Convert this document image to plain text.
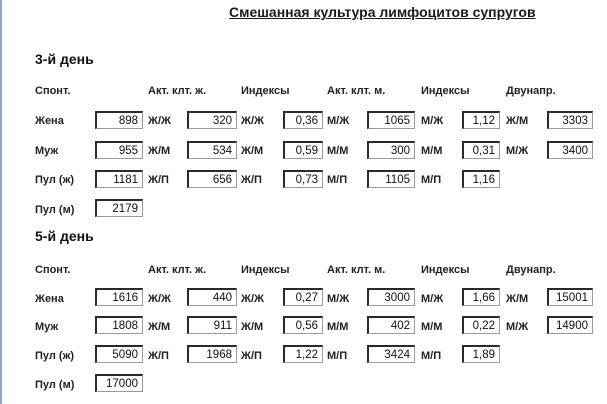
Смешанная культура лимфоцитов супругов
3-й день
Спонт.	Акт. клт. ж.	Индексы	Акт. клт. м.	Индексы	Двунапр.
Жена	898 Ж/Ж	320 Ж/Ж	0,36 М/Ж	1065	М/Ж	1,12	Ж/М	3303
Муж	955 Ж/М	534 Ж/М	0,59 М/М	300	М/М	0,31	М/Ж	3400
Пул (ж)	1181 Ж/П	656 Ж/П	0,73 М/П	1105	М/П	1,16
Пул (м)	2179
5-й день
Спонт.	Акт. клт. ж.	Индексы	Акт. клт. м.	Индексы	Двунапр.
Жена	1616 Ж/Ж	440 Ж/Ж	0,27 М/Ж	3000	М/Ж	1,66	Ж/М	15001
Муж	1808 Ж/М	911 Ж/М	0,56 М/М	402	М/М	0,22	М/Ж	14900
Пул (ж)	5090 Ж/П	1968 Ж/П	1,22 М/П	3424	М/П	1,89
Пул (м)	17000
